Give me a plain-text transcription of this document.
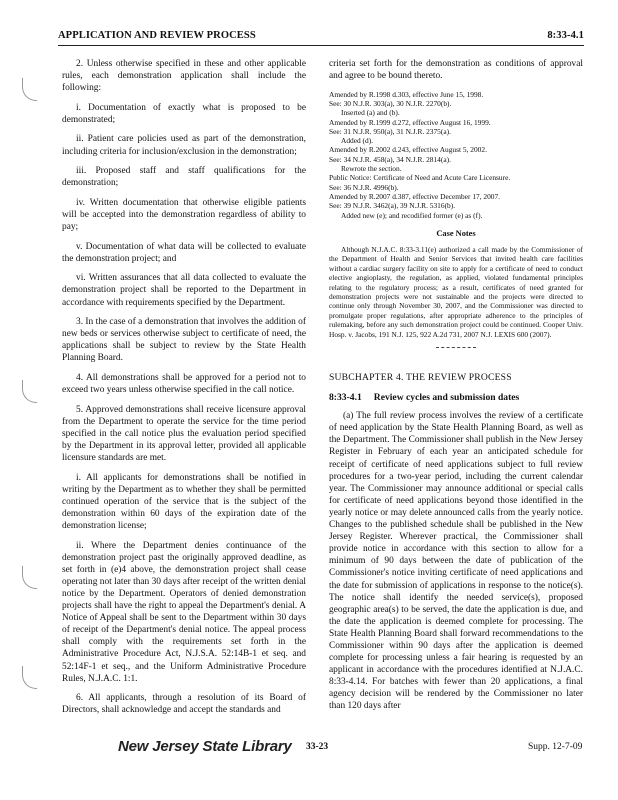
APPLICATION AND REVIEW PROCESS	8:33-4.1

2. Unless otherwise specified in these and other applicable rules, each demonstration application shall include the following:

i. Documentation of exactly what is proposed to be demonstrated;

ii. Patient care policies used as part of the demonstration, including criteria for inclusion/exclusion in the demonstration;

iii. Proposed staff and staff qualifications for the demonstration;

iv. Written documentation that otherwise eligible patients will be accepted into the demonstration regardless of ability to pay;

v. Documentation of what data will be collected to evaluate the demonstration project; and

vi. Written assurances that all data collected to evaluate the demonstration project shall be reported to the Department in accordance with requirements specified by the Department.

3. In the case of a demonstration that involves the addition of new beds or services otherwise subject to certificate of need, the applications shall be subject to review by the State Health Planning Board.

4. All demonstrations shall be approved for a period not to exceed two years unless otherwise specified in the call notice.

5. Approved demonstrations shall receive licensure approval from the Department to operate the service for the time period specified in the call notice plus the evaluation period specified by the Department in its approval letter, provided all applicable licensure standards are met.

i. All applicants for demonstrations shall be notified in writing by the Department as to whether they shall be permitted continued operation of the service that is the subject of the demonstration within 60 days of the expiration date of the demonstration license;

ii. Where the Department denies continuance of the demonstration project past the originally approved deadline, as set forth in (e)4 above, the demonstration project shall cease operating not later than 30 days after receipt of the written denial notice by the Department. Operators of denied demonstration projects shall have the right to appeal the Department's denial. A Notice of Appeal shall be sent to the Department within 30 days of receipt of the Department's denial notice. The appeal process shall comply with the requirements set forth in the Administrative Procedure Act, N.J.S.A. 52:14B-1 et seq. and 52:14F-1 et seq., and the Uniform Administrative Procedure Rules, N.J.A.C. 1:1.

6. All applicants, through a resolution of its Board of Directors, shall acknowledge and accept the standards and

criteria set forth for the demonstration as conditions of approval and agree to be bound thereto.

Amended by R.1998 d.303, effective June 15, 1998.
See: 30 N.J.R. 303(a), 30 N.J.R. 2270(b).
Inserted (a) and (b).
Amended by R.1999 d.272, effective August 16, 1999.
See: 31 N.J.R. 950(a), 31 N.J.R. 2375(a).
Added (d).
Amended by R.2002 d.243, effective August 5, 2002.
See: 34 N.J.R. 458(a), 34 N.J.R. 2814(a).
Rewrote the section.
Public Notice: Certificate of Need and Acute Care Licensure.
See: 36 N.J.R. 4996(b).
Amended by R.2007 d.387, effective December 17, 2007.
See: 39 N.J.R. 3462(a), 39 N.J.R. 5316(b).
Added new (e); and recodified former (e) as (f).
Case Notes

Although N.J.A.C. 8:33-3.11(e) authorized a call made by the Commissioner of the Department of Health and Senior Services that invited health care facilities without a cardiac surgery facility on site to apply for a certificate of need to conduct elective angioplasty, the regulation, as applied, violated fundamental principles relating to the regulatory process; as a result, certificates of need granted for demonstration projects were not sustainable and the projects were directed to continue only through November 30, 2007, and the Commissioner was directed to promulgate proper regulations, after appropriate adherence to the principles of rulemaking, before any such demonstration project could be continued. Cooper Univ. Hosp. v. Jacobs, 191 N.J. 125, 922 A.2d 731, 2007 N.J. LEXIS 600 (2007).

SUBCHAPTER 4. THE REVIEW PROCESS

8:33-4.1 Review cycles and submission dates

(a) The full review process involves the review of a certificate of need application by the State Health Planning Board, as well as the Department. The Commissioner shall publish in the New Jersey Register in February of each year an anticipated schedule for receipt of certificate of need applications subject to full review procedures for a two-year period, including the current calendar year. The Commissioner may announce additional or special calls for certificate of need applications beyond those identified in the yearly notice or may delete announced calls from the yearly notice. Changes to the published schedule shall be published in the New Jersey Register. Wherever practical, the Commissioner shall provide notice in accordance with this section to allow for a minimum of 90 days between the date of publication of the Commissioner's notice inviting certificate of need applications and the date for submission of applications in response to the notice(s). The notice shall identify the needed service(s), proposed geographic area(s) to be served, the date the application is due, and the date the application is deemed complete for processing. The State Health Planning Board shall forward recommendations to the Commissioner within 90 days after the application is deemed complete for processing unless a fair hearing is requested by an applicant in accordance with the procedures identified at N.J.A.C. 8:33-4.14. For batches with fewer than 20 applications, a final agency decision will be rendered by the Commissioner no later than 120 days after

New Jersey State Library 33-23	Supp. 12-7-09
